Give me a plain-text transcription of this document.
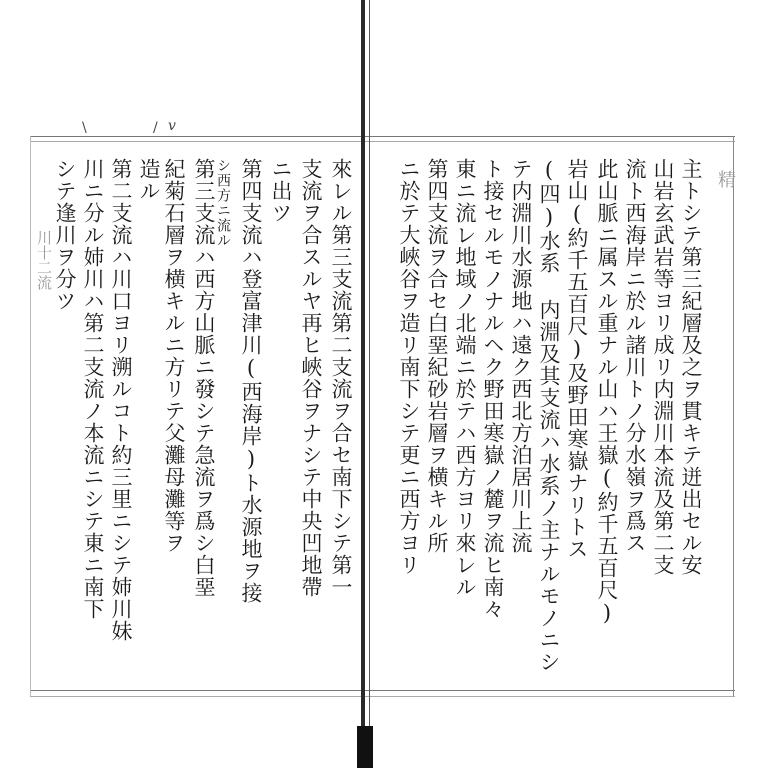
\	v
/
來レル第三支流第二支流ヲ合セ南下シテ第一
支流ヲ合スルヤ再ヒ峽谷ヲナシテ中央凹地帶
ニ出ツ
第四支流ハ登富津川(西海岸)ト水源地ヲ接
シ西方ニ流ル
第三支流ハ西方山脈ニ發シテ急流ヲ爲シ白堊
紀菊石層ヲ横キルニ方リテ父灘母灘等ヲ
造ル
第二支流ハ川口ヨリ溯ルコト約三里ニシテ姉川妹
川ニ分ル姉川ハ第二支流ノ本流ニシテ東ニ南下
シテ逢川ヲ分ツ
川十二流	主トシテ第三紀層及之ヲ貫キテ迸出セル安
山岩玄武岩等ヨリ成リ内淵川本流及第二支
流ト西海岸ニ於ル諸川トノ分水嶺ヲ爲ス
此山脈ニ属スル重ナル山ハ王嶽(約千五百尺)
岩山(約千五百尺)及野田寒嶽ナリトス
(四)水系 内淵及其支流ハ水系ノ主ナルモノニシ
テ内淵川水源地ハ遠ク西北方泊居川上流
ト接セルモノナルヘク野田寒嶽ノ麓ヲ流ヒ南々
東ニ流レ地域ノ北端ニ於テハ西方ヨリ來レル
第四支流ヲ合セ白堊紀砂岩層ヲ横キル所
ニ於テ大峽谷ヲ造リ南下シテ更ニ西方ヨリ	精
